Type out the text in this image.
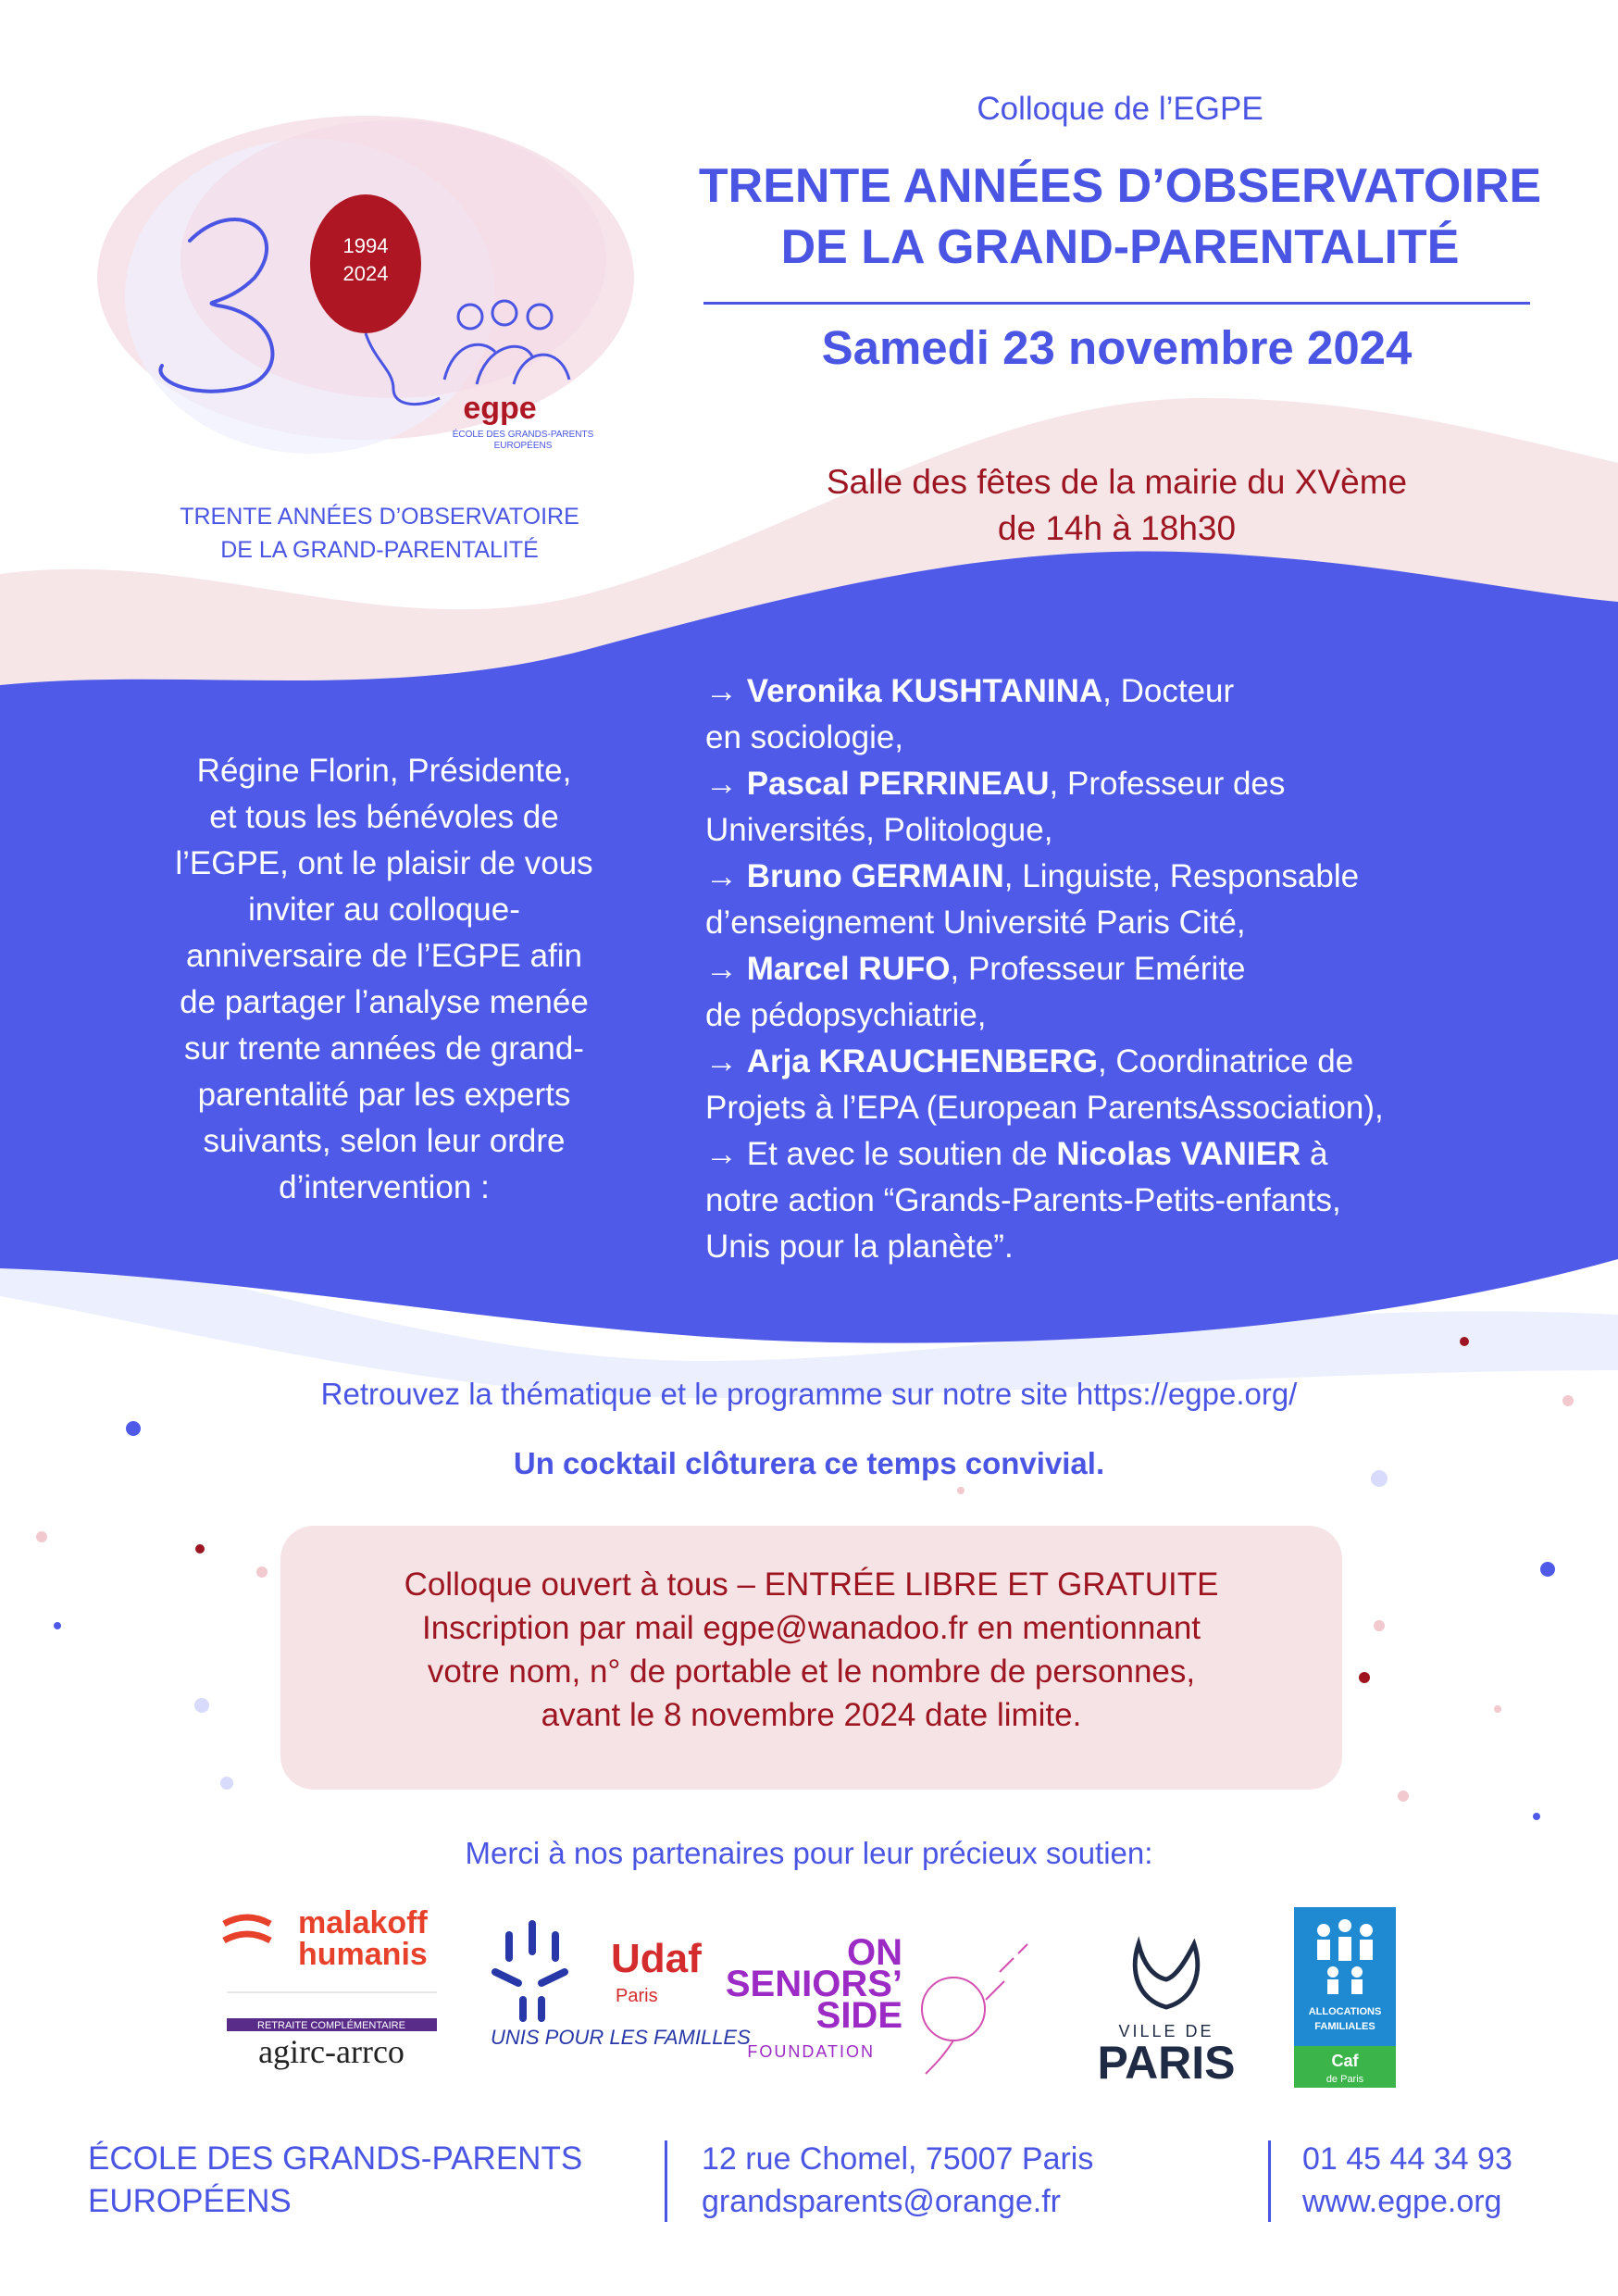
1994
2024
egpe
ÉCOLE DES GRANDS-PARENTS
EUROPÉENS
TRENTE ANNÉES D’OBSERVATOIRE
DE LA GRAND-PARENTALITÉ
Colloque de l’EGPE
TRENTE ANNÉES D’OBSERVATOIRE
DE LA GRAND-PARENTALITÉ
Samedi 23 novembre 2024
Salle des fêtes de la mairie du XVème
de 14h à 18h30
Régine Florin, Présidente,
et tous les bénévoles de
l’EGPE, ont le plaisir de vous
inviter au colloque-
anniversaire de l’EGPE afin
de partager l’analyse menée
sur trente années de grand-
parentalité par les experts
suivants, selon leur ordre
d’intervention :
→ Veronika KUSHTANINA, Docteur
en sociologie,
→ Pascal PERRINEAU, Professeur des
Universités, Politologue,
→ Bruno GERMAIN, Linguiste, Responsable
d’enseignement Université Paris Cité,
→ Marcel RUFO, Professeur Emérite
de pédopsychiatrie,
→ Arja KRAUCHENBERG, Coordinatrice de
Projets à l’EPA (European ParentsAssociation),
→ Et avec le soutien de Nicolas VANIER à
notre action “Grands-Parents-Petits-enfants,
Unis pour la planète”.
Retrouvez la thématique et le programme sur notre site https://egpe.org/
Un cocktail clôturera ce temps convivial.
Colloque ouvert à tous – ENTRÉE LIBRE ET GRATUITE
Inscription par mail egpe@wanadoo.fr en mentionnant
votre nom, n° de portable et le nombre de personnes,
avant le 8 novembre 2024 date limite.
Merci à nos partenaires pour leur précieux soutien:
malakoff
humanis
RETRAITE COMPLÉMENTAIRE
agirc-arrco
Udaf
Paris
UNIS POUR LES FAMILLES
ON
SENIORS’
SIDE
FOUNDATION
VILLE DE
PARIS
ALLOCATIONS
FAMILIALES
Caf
de Paris
ÉCOLE DES GRANDS-PARENTS
EUROPÉENS
12 rue Chomel, 75007 Paris
grandsparents@orange.fr
01 45 44 34 93
www.egpe.org
